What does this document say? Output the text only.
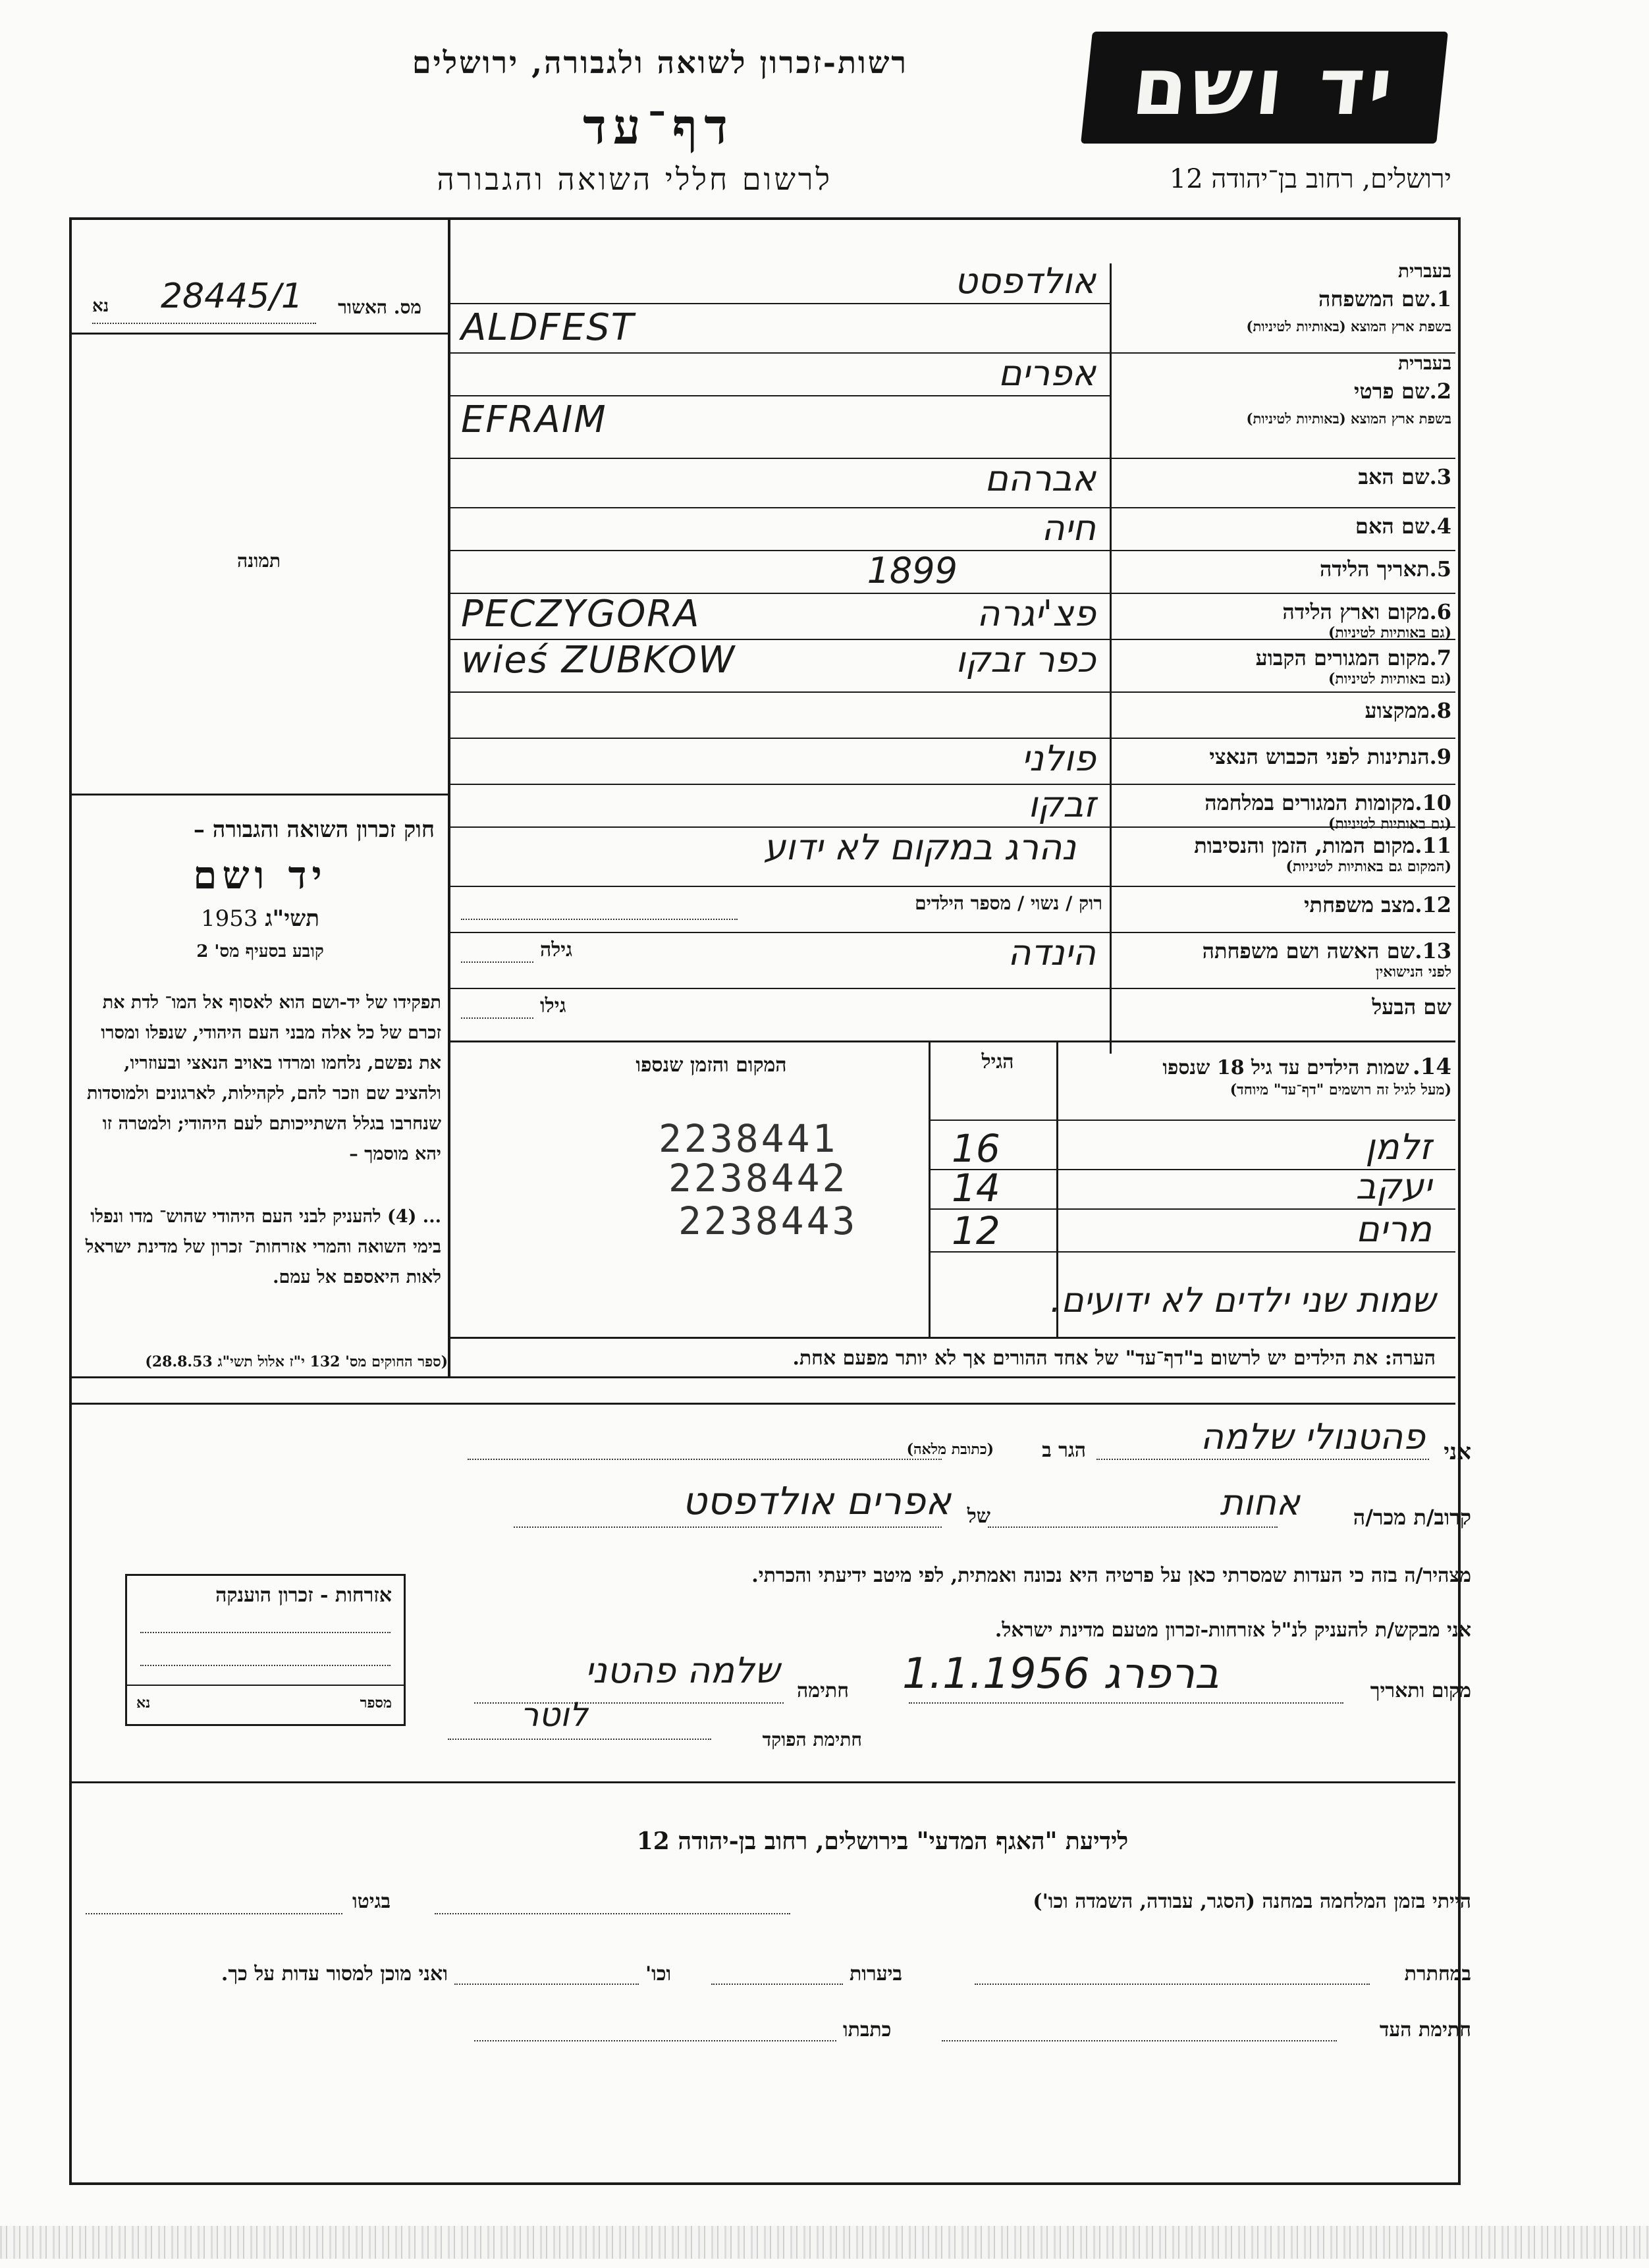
רשות-זכרון לשואה ולגבורה, ירושלים
דף־עד
לרשום חללי השואה והגבורה
יד ושם
ירושלים, רחוב בן־יהודה 12
מס. האשור
28445/1
נא
תמונה
חוק זכרון השואה והגבורה –
יד ושם
תשי"ג 1953
קובע בסעיף מס' 2
תפקידו של יד-ושם הוא לאסוף אל המו־ לדת את זכרם של כל אלה מבני העם היהודי, שנפלו ומסרו את נפשם, נלחמו ומרדו באויב הנאצי ובעוזריו, ולהציב שם וזכר להם, לקהילות, לארגונים ולמוסדות שנחרבו בגלל השתייכותם לעם היהודי; ולמטרה זו יהא מוסמך –
... (4) להעניק לבני העם היהודי שהוש־ מדו ונפלו בימי השואה והמרי אזרחות־ זכרון של מדינת ישראל לאות היאספם אל עמם.
(ספר החוקים מס' 132 י"ז אלול תשי"ג 28.8.53)
1.שם המשפחה
בעברית
בשפת ארץ המוצא (באותיות לטיניות)
אולדפסט
ALDFEST
2.שם פרטי
בעברית
בשפת ארץ המוצא (באותיות לטיניות)
אפרים
EFRAIM
3.שם האב
אברהם
4.שם האם
חיה
5.תאריך הלידה
1899
6.מקום וארץ הלידה
(גם באותיות לטיניות)
פצ'יגרה
PECZYGORA
7.מקום המגורים הקבוע
(גם באותיות לטיניות)
כפר זבקו
wieś ZUBKOW
8.ממקצוע
9.הנתינות לפני הכבוש הנאצי
פולני
10.מקומות המגורים במלחמה
(גם באותיות לטיניות)
זבקו
11.מקום המות, הזמן והנסיבות
(המקום גם באותיות לטיניות)
נהרג במקום לא ידוע
12.מצב משפחתי
רוק / נשוי / מספר הילדים
13.שם האשה ושם משפחתה
לפני הנישואין
הינדה
גילה
שם הבעל
גילו
14. שמות הילדים עד גיל 18 שנספו
(מעל לגיל זה רושמים "דף־עד" מיוחד)
הגיל
המקום והזמן שנספו
זלמן
16
2238441
יעקב
14
2238442
מרים
12
2238443
שמות שני ילדים לא ידועים.
הערה: את הילדים יש לרשום ב"דף־עד" של אחד ההורים אך לא יותר מפעם אחת.
אני
פהטנולי שלמה
הגר ב
(כתובת מלאה)
קרוב/ת מכר/ה
אחות
של
אפרים אולדפסט
מצהיר/ה בזה כי העדות שמסרתי כאן על פרטיה היא נכונה ואמתית, לפי מיטב ידיעתי והכרתי.
אני מבקש/ת להעניק לנ"ל אזרחות-זכרון מטעם מדינת ישראל.
מקום ותאריך
ברפרג 1.1.1956
חתימה
שלמה פהטני
לוטר
חתימת הפוקד
אזרחות - זכרון הוענקה
מספר
נא
לידיעת "האגף המדעי" בירושלים, רחוב בן-יהודה 12
הייתי בזמן המלחמה במחנה (הסגר, עבודה, השמדה וכו')
בגיטו
במחתרת
ביערות
וכו'
ואני מוכן למסור עדות על כך.
חתימת העד
כתבתו
